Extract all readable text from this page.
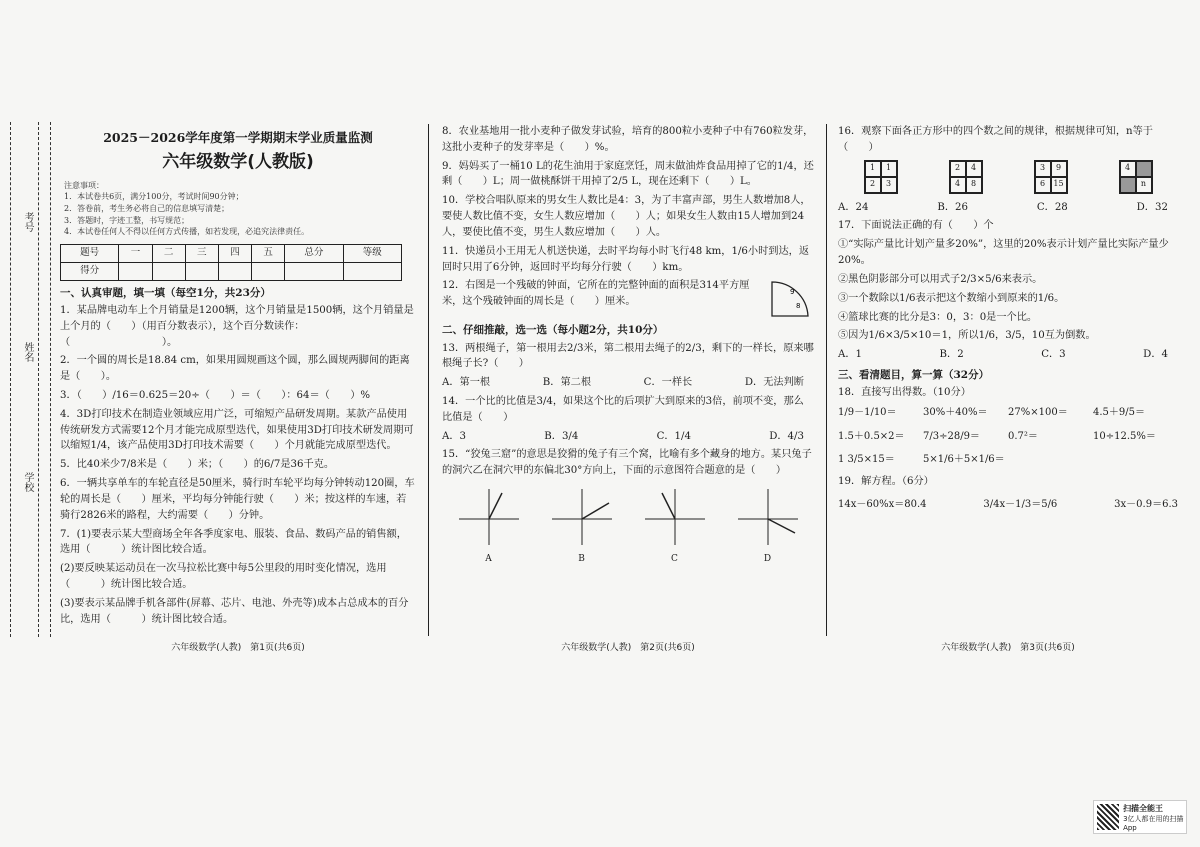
考号
姓名
学校
2025－2026学年度第一学期期末学业质量监测
六年级数学(人教版)
注意事项：
1．本试卷共6页，满分100分，考试时间90分钟；
2．答卷前，考生务必将自己的信息填写清楚；
3．答题时，字迹工整，书写规范；
4．本试卷任何人不得以任何方式传播，如若发现，必追究法律责任。
题号	一	二	三	四	五	总分	等级
得分							
一、认真审题，填一填（每空1分，共23分）
1．某品牌电动车上个月销量是1200辆，这个月销量是1500辆，这个月销量是上个月的（　　）（用百分数表示），这个百分数读作：（　　　　　　　　　）。
2．一个圆的周长是18.84 cm，如果用圆规画这个圆，那么圆规两脚间的距离是（　　）。
3．（　　）/16＝0.625＝20÷（　　）＝（　　）：64＝（　　）%
4．3D打印技术在制造业领域应用广泛，可缩短产品研发周期。某款产品使用传统研发方式需要12个月才能完成原型迭代，如果使用3D打印技术研发周期可以缩短1/4，该产品使用3D打印技术需要（　　）个月就能完成原型迭代。
5．比40米少7/8米是（　　）米；（　　）的6/7是36千克。
6．一辆共享单车的车轮直径是50厘米，骑行时车轮平均每分钟转动120圈，车轮的周长是（　　）厘米，平均每分钟能行驶（　　）米；按这样的车速，若骑行2826米的路程，大约需要（　　）分钟。
7．(1)要表示某大型商场全年各季度家电、服装、食品、数码产品的销售额，选用（　　　）统计图比较合适。
(2)要反映某运动员在一次马拉松比赛中每5公里段的用时变化情况，选用（　　　）统计图比较合适。
(3)要表示某品牌手机各部件(屏幕、芯片、电池、外壳等)成本占总成本的百分比，选用（　　　）统计图比较合适。
六年级数学(人教)　第1页(共6页)
8．农业基地用一批小麦种子做发芽试验，培育的800粒小麦种子中有760粒发芽，这批小麦种子的发芽率是（　　）%。
9．妈妈买了一桶10 L的花生油用于家庭烹饪，周末做油炸食品用掉了它的1/4，还剩（　　）L；周一做桃酥饼干用掉了2/5 L，现在还剩下（　　）L。
10．学校合唱队原来的男女生人数比是4：3，为了丰富声部，男生人数增加8人，要使人数比值不变，女生人数应增加（　　）人；如果女生人数由15人增加到24人，要使比值不变，男生人数应增加（　　）人。
11．快递员小王用无人机送快递，去时平均每小时飞行48 km，1/6小时到达，返回时只用了6分钟，返回时平均每分行驶（　　）km。
12．右图是一个残破的钟面，它所在的完整钟面的面积是314平方厘米，这个残破钟面的周长是（　　）厘米。
9
8
二、仔细推敲，选一选（每小题2分，共10分）
13．两根绳子，第一根用去2/3米，第二根用去绳子的2/3，剩下的一样长，原来哪根绳子长?（　　）
A．第一根	B．第二根	C．一样长	D．无法判断
14．一个比的比值是3/4，如果这个比的后项扩大到原来的3倍，前项不变，那么比值是（　　）
A．3	B．3/4	C．1/4	D．4/3
15．“狡兔三窟”的意思是狡猾的兔子有三个窝，比喻有多个藏身的地方。某只兔子的洞穴乙在洞穴甲的东偏北30°方向上，下面的示意图符合题意的是（　　）
A	B	C	D
六年级数学(人教)　第2页(共6页)
16．观察下面各正方形中的四个数之间的规律，根据规律可知，n等于（　　）
1	1
2	3
2	4
4	8
3	9
6	15
4
n
A．24	B．26	C．28	D．32
17．下面说法正确的有（　　）个
①“实际产量比计划产量多20%”，这里的20%表示计划产量比实际产量少20%。
②黑色阴影部分可以用式子2/3×5/6来表示。
③一个数除以1/6表示把这个数缩小到原来的1/6。
④篮球比赛的比分是3：0，3：0是一个比。
⑤因为1/6×3/5×10＝1，所以1/6，3/5，10互为倒数。
A．1	B．2	C．3	D．4
三、看清题目，算一算（32分）
18．直接写出得数。（10分）
1/9－1/10＝	30%＋40%＝	27%×100＝	4.5＋9/5＝
1.5＋0.5×2＝	7/3÷28/9＝	0.7²＝	10÷12.5%＝
1 3/5×15＝	5×1/6＋5×1/6＝
19．解方程。（6分）
14x－60%x＝80.4	3/4x－1/3＝5/6	3x－0.9＝6.3
六年级数学(人教)　第3页(共6页)
扫描全能王
3亿人都在用的扫描App
